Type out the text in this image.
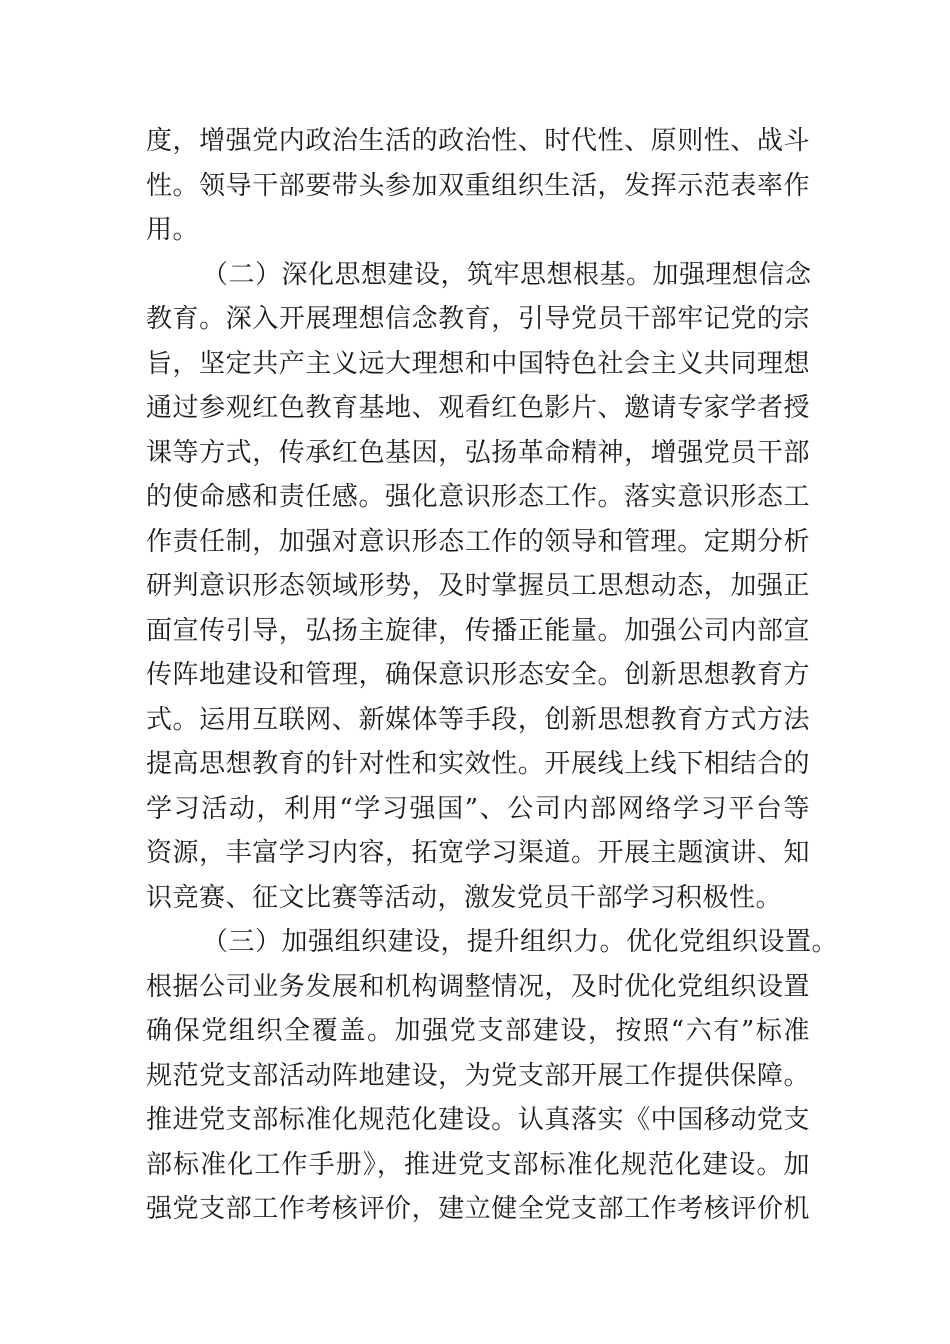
度，增强党内政治生活的政治性、时代性、原则性、战斗
性。领导干部要带头参加双重组织生活，发挥示范表率作
用。
（二）深化思想建设，筑牢思想根基。加强理想信念
教育。深入开展理想信念教育，引导党员干部牢记党的宗
旨，坚定共产主义远大理想和中国特色社会主义共同理想
通过参观红色教育基地、观看红色影片、邀请专家学者授
课等方式，传承红色基因，弘扬革命精神，增强党员干部
的使命感和责任感。强化意识形态工作。落实意识形态工
作责任制，加强对意识形态工作的领导和管理。定期分析
研判意识形态领域形势，及时掌握员工思想动态，加强正
面宣传引导，弘扬主旋律，传播正能量。加强公司内部宣
传阵地建设和管理，确保意识形态安全。创新思想教育方
式。运用互联网、新媒体等手段，创新思想教育方式方法
提高思想教育的针对性和实效性。开展线上线下相结合的
学习活动，利用“学习强国”、公司内部网络学习平台等
资源，丰富学习内容，拓宽学习渠道。开展主题演讲、知
识竞赛、征文比赛等活动，激发党员干部学习积极性。
（三）加强组织建设，提升组织力。优化党组织设置。
根据公司业务发展和机构调整情况，及时优化党组织设置
确保党组织全覆盖。加强党支部建设，按照“六有”标准
规范党支部活动阵地建设，为党支部开展工作提供保障。
推进党支部标准化规范化建设。认真落实《中国移动党支
部标准化工作手册》，推进党支部标准化规范化建设。加
强党支部工作考核评价，建立健全党支部工作考核评价机
